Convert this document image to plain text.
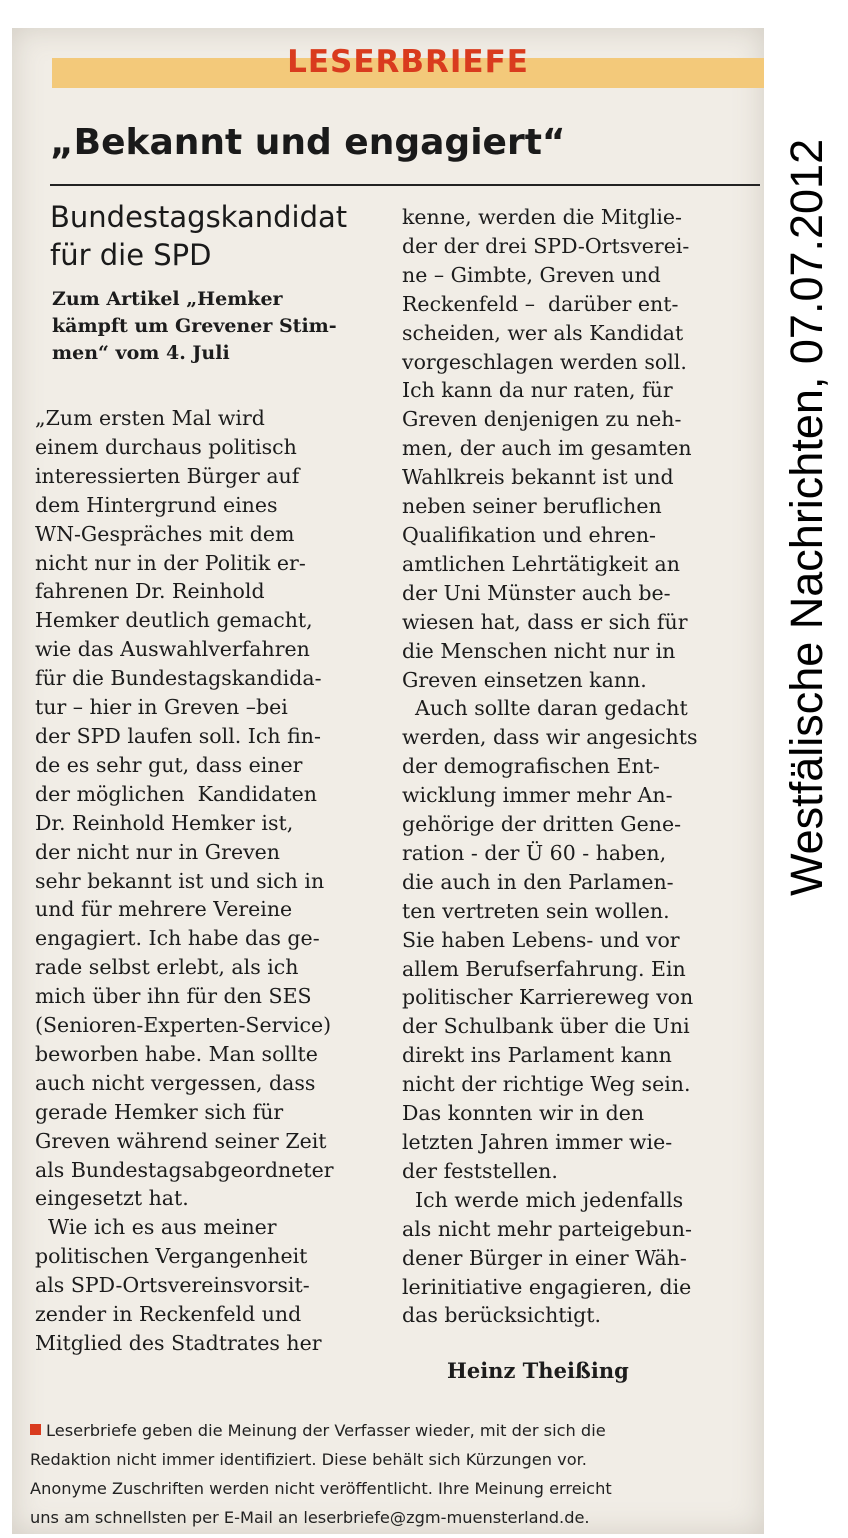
LESERBRIEFE
„Bekannt und engagiert“
Bundestagskandidat
für die SPD
Zum Artikel „Hemker
kämpft um Grevener Stim-
men“ vom 4. Juli
„Zum ersten Mal wird
einem durchaus politisch
interessierten Bürger auf
dem Hintergrund eines
WN-Gespräches mit dem
nicht nur in der Politik er-
fahrenen Dr. Reinhold
Hemker deutlich gemacht,
wie das Auswahlverfahren
für die Bundestagskandida-
tur – hier in Greven –bei
der SPD laufen soll. Ich fin-
de es sehr gut, dass einer
der möglichen  Kandidaten
Dr. Reinhold Hemker ist,
der nicht nur in Greven
sehr bekannt ist und sich in
und für mehrere Vereine
engagiert. Ich habe das ge-
rade selbst erlebt, als ich
mich über ihn für den SES
(Senioren-Experten-Service)
beworben habe. Man sollte
auch nicht vergessen, dass
gerade Hemker sich für
Greven während seiner Zeit
als Bundestagsabgeordneter
eingesetzt hat.
Wie ich es aus meiner
politischen Vergangenheit
als SPD-Ortsvereinsvorsit-
zender in Reckenfeld und
Mitglied des Stadtrates her
kenne, werden die Mitglie-
der der drei SPD-Ortsverei-
ne – Gimbte, Greven und
Reckenfeld –  darüber ent-
scheiden, wer als Kandidat
vorgeschlagen werden soll.
Ich kann da nur raten, für
Greven denjenigen zu neh-
men, der auch im gesamten
Wahlkreis bekannt ist und
neben seiner beruflichen
Qualifikation und ehren-
amtlichen Lehrtätigkeit an
der Uni Münster auch be-
wiesen hat, dass er sich für
die Menschen nicht nur in
Greven einsetzen kann.
Auch sollte daran gedacht
werden, dass wir angesichts
der demografischen Ent-
wicklung immer mehr An-
gehörige der dritten Gene-
ration - der Ü 60 - haben,
die auch in den Parlamen-
ten vertreten sein wollen.
Sie haben Lebens- und vor
allem Berufserfahrung. Ein
politischer Karriereweg von
der Schulbank über die Uni
direkt ins Parlament kann
nicht der richtige Weg sein.
Das konnten wir in den
letzten Jahren immer wie-
der feststellen.
Ich werde mich jedenfalls
als nicht mehr parteigebun-
dener Bürger in einer Wäh-
lerinitiative engagieren, die
das berücksichtigt.
Heinz Theißing
Leserbriefe geben die Meinung der Verfasser wieder, mit der sich die
Redaktion nicht immer identifiziert. Diese behält sich Kürzungen vor.
Anonyme Zuschriften werden nicht veröffentlicht. Ihre Meinung erreicht
uns am schnellsten per E-Mail an leserbriefe@zgm-muensterland.de.
Westfälische Nachrichten, 07.07.2012
